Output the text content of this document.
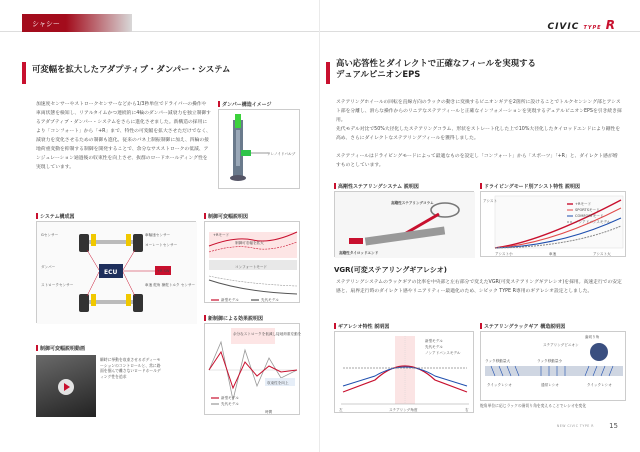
シャシー
可変幅を拡大したアダプティブ・ダンパー・システム
加速度センサーやストロークセンサーなどから1/3秒単位でドライバーの操作や車両状態を検知し、リアルタイムかつ連続的に4輪のダンパー減衰力を独立制御するアダプティブ・ダンパー・システムをさらに進化させました。新構造の採用により「コンフォート」から「+R」まで、特性の可変幅を拡大させただけでなく、減衰力を変化させるための制御も進化。従来のバネ上制振制御に加え、四輪の接地荷重変動を抑制する制御を開発することで、余分なサスストロークの低減、アンジュレーション通過後の収束性を向上させ、抜群のロードホールディング性を実現しています。
ダンパー構造イメージ
ソレノイドバルブ
システム構成図
ECU	+R SW
Gセンサー
ダンパー
ストロークセンサー
車輪速センサー
ヨーレートセンサー
車速 舵角 操舵トルク センサー
制御可変幅説明図
制御可変幅を拡大
+Rモード
コンフォートモード
新型モデル	先代モデル
新制御による効果説明図
余分なストロークを低減し接地荷重変動を向上
収束性を向上
新型モデル
先代モデル
時間
制御可変幅説明動画
瞬時に挙動を収束させるボディーモーションのコントロールと、常に路面を掴んで離さないロードホールディング性を追求
CIVIC TYPE R
高い応答性とダイレクトで正確なフィールを実現する
デュアルピニオンEPS
ステアリングホイールの回転を直線方向のラックの動きに変換するピニオンギアを2箇所に設けることでトルクセンシング部とアシスト部を分離し、滑らな操作からのリニアなステアフィールと正確なインフォメーションを実現するデュアルピニオンEPSを引き続き採用。
先代モデル対比で50%大径化したステアリングコラム、形状をストレート化した上で10%大径化したタイロッドエンドにより剛性を高め、さらにダイレクトなステアリングフィールを獲得しました。
ステアフィールはドライビングモードによって最適なものを設定し「コンフォート」から「スポーツ」「+R」と、ダイレクト感が増すものとしています。
高剛性ステアリングシステム 説明図
高剛性ステアリングコラム
高剛性タイロッドエンド
ドライビングモード別アシスト特性 説明図
+Rモード
SPORTSモード
COMFORTモード
ノンアドバンスモデル
アシスト
アシスト小	車速	アシスト大
VGR(可変ステアリングギアレシオ)
ステアリングシステムのラックギアの比率を中央部と左右部分で変えたVGR(可変ステアリングギアレシオ)を採用。高速走行での安定感と、扇界走行時のダイレクト感やリニアリティー最適化のため、シビック TYPE R専用のギアレシオ設定としました。
ギアレシオ特性 説明図
新型モデル
先代モデル
ノンアドバンスモデル
左	ステアリング角度	右
ステアリングラックギア 構造説明図
ステアリングピニオン
歯切り角
ラック移動量大	ラック移動量小
クイックレシオ	通常レシオ	クイックレシオ
舵角単位に応じラックの歯切り角を変えることでレシオを変化
NEW CIVIC TYPE R	15
